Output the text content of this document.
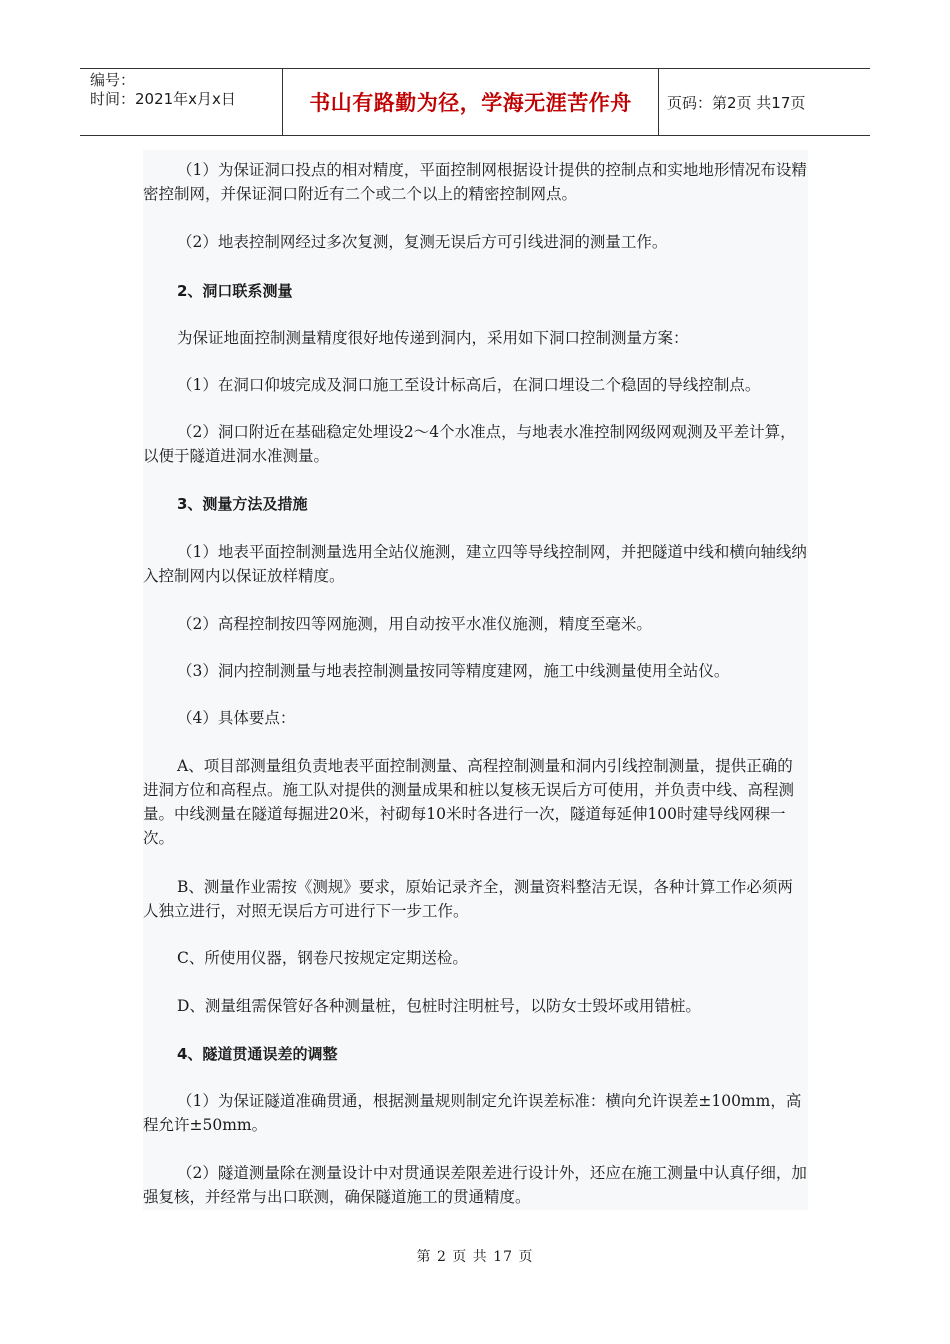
编号：
时间：2021年x月x日	书山有路勤为径，学海无涯苦作舟	页码：第2页 共17页

（1）为保证洞口投点的相对精度，平面控制网根据设计提供的控制点和实地地形情况布设精密控制网，并保证洞口附近有二个或二个以上的精密控制网点。

（2）地表控制网经过多次复测，复测无误后方可引线进洞的测量工作。

2、洞口联系测量

为保证地面控制测量精度很好地传递到洞内，采用如下洞口控制测量方案：

（1）在洞口仰坡完成及洞口施工至设计标高后，在洞口埋设二个稳固的导线控制点。

（2）洞口附近在基础稳定处埋设2～4个水准点，与地表水准控制网级网观测及平差计算，以便于隧道进洞水准测量。

3、测量方法及措施

（1）地表平面控制测量选用全站仪施测，建立四等导线控制网，并把隧道中线和横向轴线纳入控制网内以保证放样精度。

（2）高程控制按四等网施测，用自动按平水准仪施测，精度至毫米。

（3）洞内控制测量与地表控制测量按同等精度建网，施工中线测量使用全站仪。

（4）具体要点：

A、项目部测量组负责地表平面控制测量、高程控制测量和洞内引线控制测量，提供正确的进洞方位和高程点。施工队对提供的测量成果和桩以复核无误后方可使用，并负责中线、高程测量。中线测量在隧道每掘进20米，衬砌每10米时各进行一次，隧道每延伸100时建导线网稞一次。

B、测量作业需按《测规》要求，原始记录齐全，测量资料整洁无误，各种计算工作必须两人独立进行，对照无误后方可进行下一步工作。

C、所使用仪器，钢卷尺按规定定期送检。

D、测量组需保管好各种测量桩，包桩时注明桩号，以防女士毁坏或用错桩。

4、隧道贯通误差的调整

（1）为保证隧道准确贯通，根据测量规则制定允许误差标准：横向允许误差±100mm，高程允许±50mm。

（2）隧道测量除在测量设计中对贯通误差限差进行设计外，还应在施工测量中认真仔细，加强复核，并经常与出口联测，确保隧道施工的贯通精度。

第 2 页 共 17 页
